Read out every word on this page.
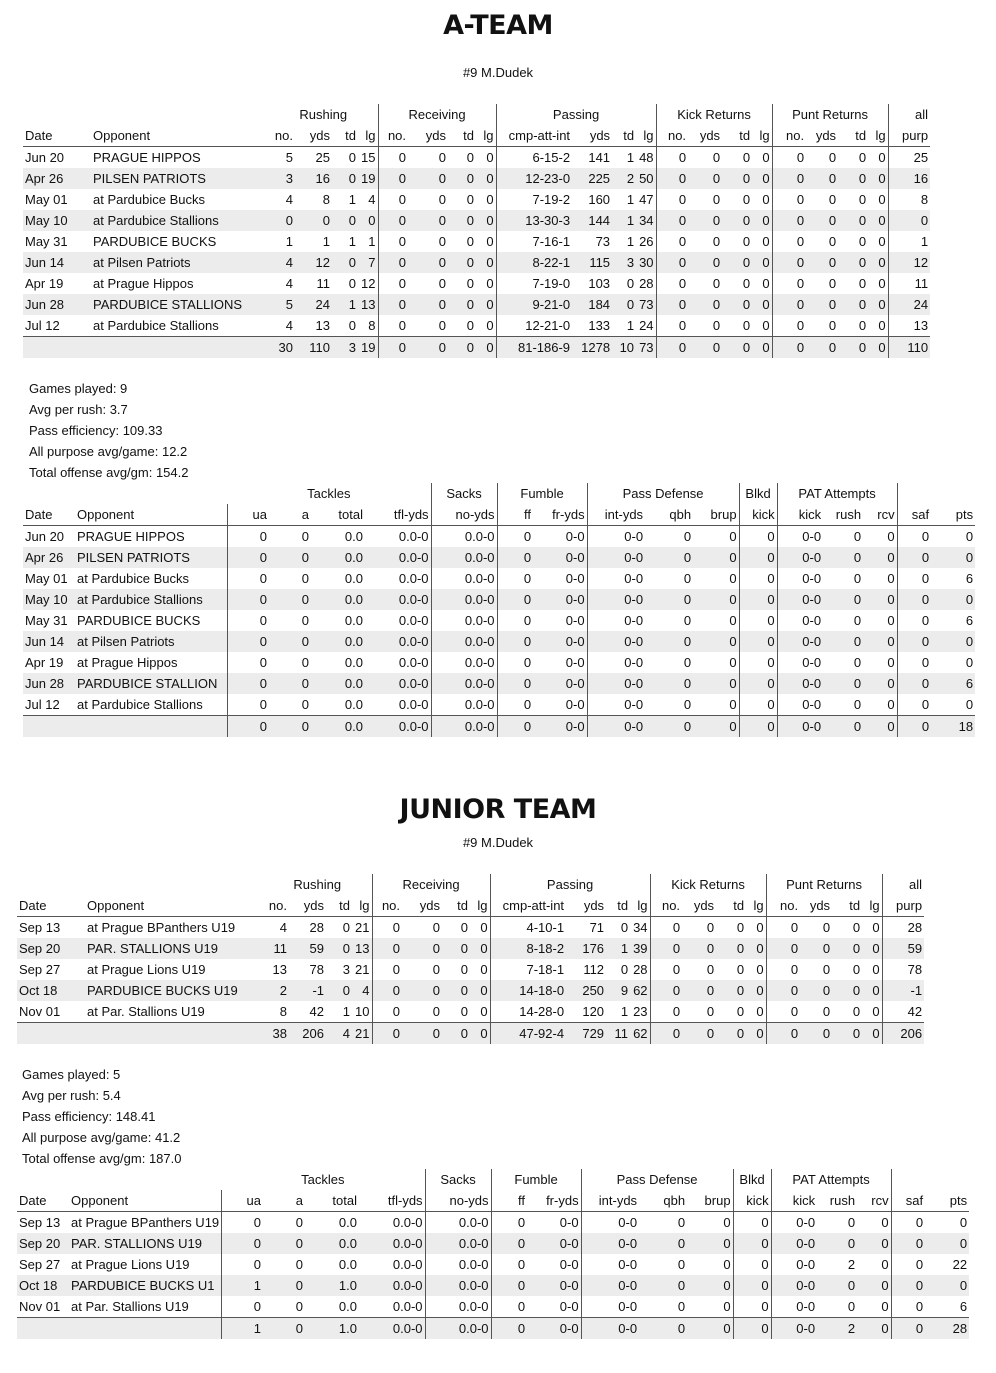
A-TEAM
#9 M.Dudek
		Rushing				Receiving				Passing				Kick Returns				Punt Returns				all
Date	Opponent	no.	yds	td	lg	no.	yds	td	lg	cmp-att-int	yds	td	lg	no.	yds	td	lg	no.	yds	td	lg	purp
Jun 20	PRAGUE HIPPOS	5	25	0	15	0	0	0	0	6-15-2	141	1	48	0	0	0	0	0	0	0	0	25
Apr 26	PILSEN PATRIOTS	3	16	0	19	0	0	0	0	12-23-0	225	2	50	0	0	0	0	0	0	0	0	16
May 01	at Pardubice Bucks	4	8	1	4	0	0	0	0	7-19-2	160	1	47	0	0	0	0	0	0	0	0	8
May 10	at Pardubice Stallions	0	0	0	0	0	0	0	0	13-30-3	144	1	34	0	0	0	0	0	0	0	0	0
May 31	PARDUBICE BUCKS	1	1	1	1	0	0	0	0	7-16-1	73	1	26	0	0	0	0	0	0	0	0	1
Jun 14	at Pilsen Patriots	4	12	0	7	0	0	0	0	8-22-1	115	3	30	0	0	0	0	0	0	0	0	12
Apr 19	at Prague Hippos	4	11	0	12	0	0	0	0	7-19-0	103	0	28	0	0	0	0	0	0	0	0	11
Jun 28	PARDUBICE STALLIONS	5	24	1	13	0	0	0	0	9-21-0	184	0	73	0	0	0	0	0	0	0	0	24
Jul 12	at Pardubice Stallions	4	13	0	8	0	0	0	0	12-21-0	133	1	24	0	0	0	0	0	0	0	0	13
		30	110	3	19	0	0	0	0	81-186-9	1278	10	73	0	0	0	0	0	0	0	0	110
Games played: 9
Avg per rush: 3.7
Pass efficiency: 109.33
All purpose avg/game: 12.2
Total offense avg/gm: 154.2
		Tackles				Sacks	Fumble		Pass Defense			Blkd	PAT Attempts				
Date	Opponent	ua	a	total	tfl-yds	no-yds	ff	fr-yds	int-yds	qbh	brup	kick	kick	rush	rcv	saf	pts
Jun 20	PRAGUE HIPPOS	0	0	0.0	0.0-0	0.0-0	0	0-0	0-0	0	0	0	0-0	0	0	0	0
Apr 26	PILSEN PATRIOTS	0	0	0.0	0.0-0	0.0-0	0	0-0	0-0	0	0	0	0-0	0	0	0	0
May 01	at Pardubice Bucks	0	0	0.0	0.0-0	0.0-0	0	0-0	0-0	0	0	0	0-0	0	0	0	6
May 10	at Pardubice Stallions	0	0	0.0	0.0-0	0.0-0	0	0-0	0-0	0	0	0	0-0	0	0	0	0
May 31	PARDUBICE BUCKS	0	0	0.0	0.0-0	0.0-0	0	0-0	0-0	0	0	0	0-0	0	0	0	6
Jun 14	at Pilsen Patriots	0	0	0.0	0.0-0	0.0-0	0	0-0	0-0	0	0	0	0-0	0	0	0	0
Apr 19	at Prague Hippos	0	0	0.0	0.0-0	0.0-0	0	0-0	0-0	0	0	0	0-0	0	0	0	0
Jun 28	PARDUBICE STALLION	0	0	0.0	0.0-0	0.0-0	0	0-0	0-0	0	0	0	0-0	0	0	0	6
Jul 12	at Pardubice Stallions	0	0	0.0	0.0-0	0.0-0	0	0-0	0-0	0	0	0	0-0	0	0	0	0
		0	0	0.0	0.0-0	0.0-0	0	0-0	0-0	0	0	0	0-0	0	0	0	18
JUNIOR TEAM
#9 M.Dudek
		Rushing				Receiving				Passing				Kick Returns				Punt Returns				all
Date	Opponent	no.	yds	td	lg	no.	yds	td	lg	cmp-att-int	yds	td	lg	no.	yds	td	lg	no.	yds	td	lg	purp
Sep 13	at Prague BPanthers U19	4	28	0	21	0	0	0	0	4-10-1	71	0	34	0	0	0	0	0	0	0	0	28
Sep 20	PAR. STALLIONS U19	11	59	0	13	0	0	0	0	8-18-2	176	1	39	0	0	0	0	0	0	0	0	59
Sep 27	at Prague Lions U19	13	78	3	21	0	0	0	0	7-18-1	112	0	28	0	0	0	0	0	0	0	0	78
Oct 18	PARDUBICE BUCKS U19	2	-1	0	4	0	0	0	0	14-18-0	250	9	62	0	0	0	0	0	0	0	0	-1
Nov 01	at Par. Stallions U19	8	42	1	10	0	0	0	0	14-28-0	120	1	23	0	0	0	0	0	0	0	0	42
		38	206	4	21	0	0	0	0	47-92-4	729	11	62	0	0	0	0	0	0	0	0	206
Games played: 5
Avg per rush: 5.4
Pass efficiency: 148.41
All purpose avg/game: 41.2
Total offense avg/gm: 187.0
		Tackles				Sacks	Fumble		Pass Defense			Blkd	PAT Attempts				
Date	Opponent	ua	a	total	tfl-yds	no-yds	ff	fr-yds	int-yds	qbh	brup	kick	kick	rush	rcv	saf	pts
Sep 13	at Prague BPanthers U19	0	0	0.0	0.0-0	0.0-0	0	0-0	0-0	0	0	0	0-0	0	0	0	0
Sep 20	PAR. STALLIONS U19	0	0	0.0	0.0-0	0.0-0	0	0-0	0-0	0	0	0	0-0	0	0	0	0
Sep 27	at Prague Lions U19	0	0	0.0	0.0-0	0.0-0	0	0-0	0-0	0	0	0	0-0	2	0	0	22
Oct 18	PARDUBICE BUCKS U1	1	0	1.0	0.0-0	0.0-0	0	0-0	0-0	0	0	0	0-0	0	0	0	0
Nov 01	at Par. Stallions U19	0	0	0.0	0.0-0	0.0-0	0	0-0	0-0	0	0	0	0-0	0	0	0	6
		1	0	1.0	0.0-0	0.0-0	0	0-0	0-0	0	0	0	0-0	2	0	0	28
